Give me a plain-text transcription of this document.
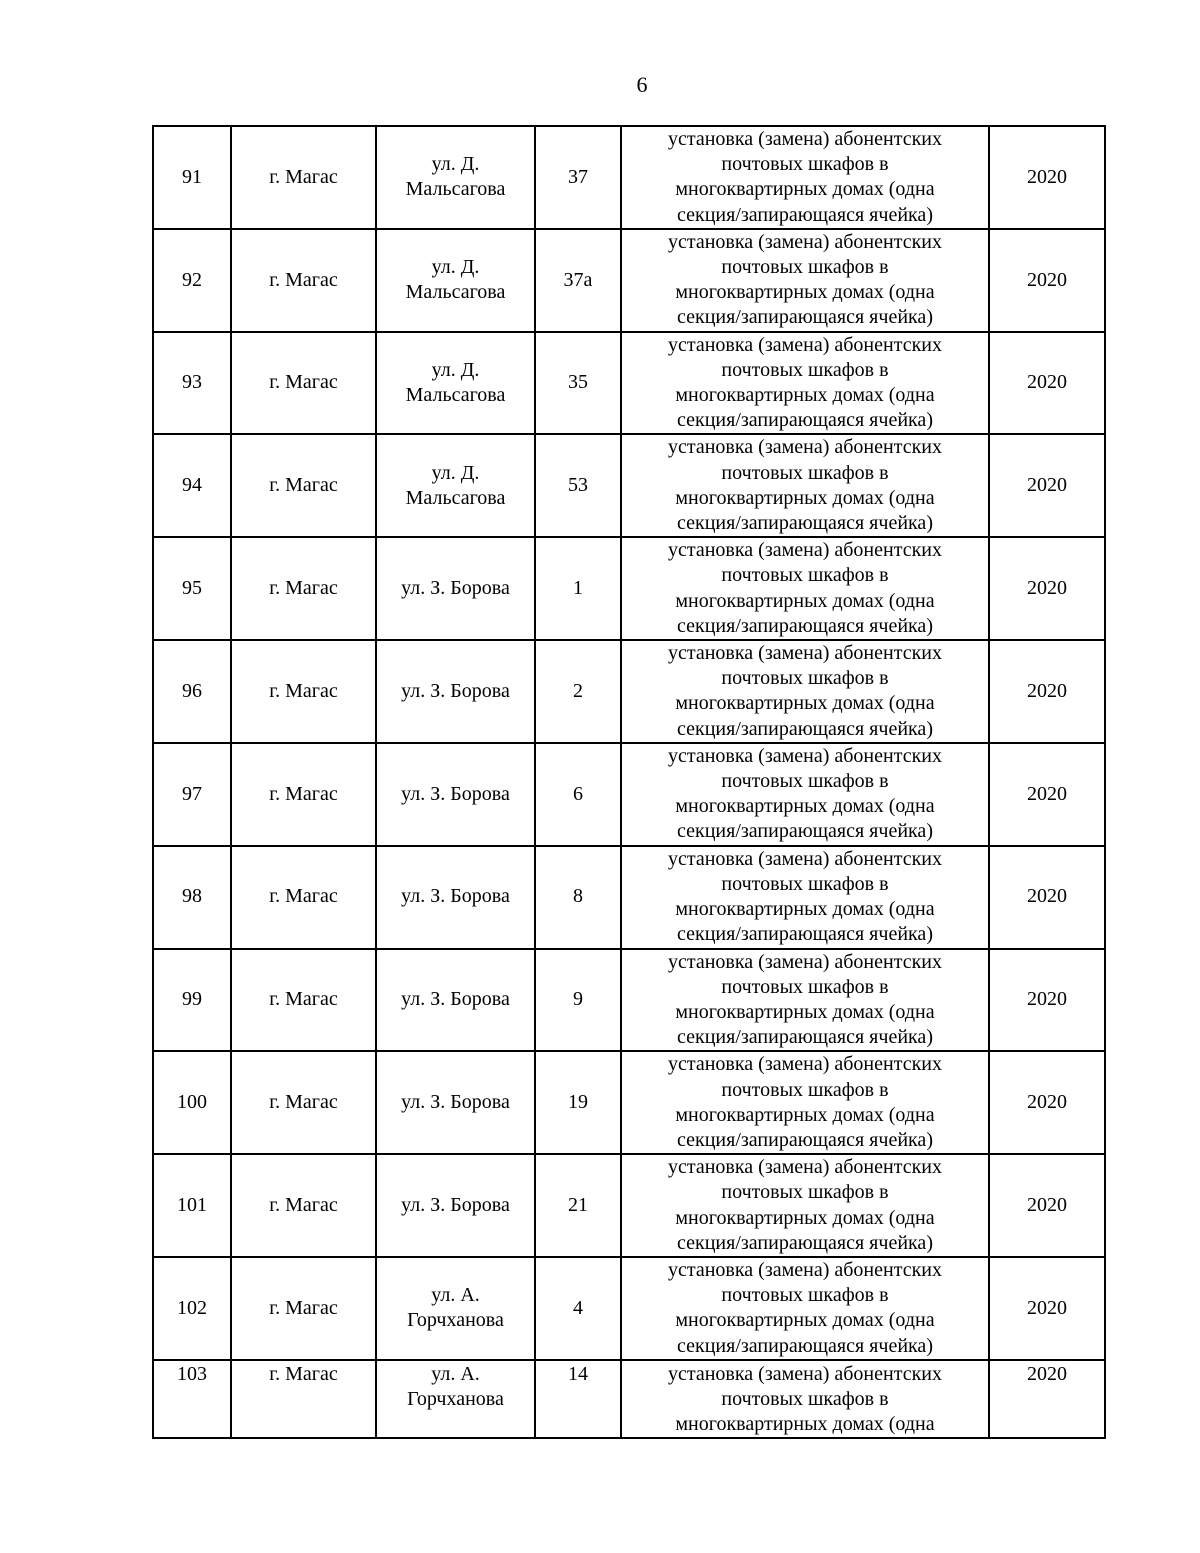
6
91	г. Магас	ул. Д.
Мальсагова	37	установка (замена) абонентских
почтовых шкафов в
многоквартирных домах (одна
секция/запирающаяся ячейка)	2020
92	г. Магас	ул. Д.
Мальсагова	37а	установка (замена) абонентских
почтовых шкафов в
многоквартирных домах (одна
секция/запирающаяся ячейка)	2020
93	г. Магас	ул. Д.
Мальсагова	35	установка (замена) абонентских
почтовых шкафов в
многоквартирных домах (одна
секция/запирающаяся ячейка)	2020
94	г. Магас	ул. Д.
Мальсагова	53	установка (замена) абонентских
почтовых шкафов в
многоквартирных домах (одна
секция/запирающаяся ячейка)	2020
95	г. Магас	ул. З. Борова	1	установка (замена) абонентских
почтовых шкафов в
многоквартирных домах (одна
секция/запирающаяся ячейка)	2020
96	г. Магас	ул. З. Борова	2	установка (замена) абонентских
почтовых шкафов в
многоквартирных домах (одна
секция/запирающаяся ячейка)	2020
97	г. Магас	ул. З. Борова	6	установка (замена) абонентских
почтовых шкафов в
многоквартирных домах (одна
секция/запирающаяся ячейка)	2020
98	г. Магас	ул. З. Борова	8	установка (замена) абонентских
почтовых шкафов в
многоквартирных домах (одна
секция/запирающаяся ячейка)	2020
99	г. Магас	ул. З. Борова	9	установка (замена) абонентских
почтовых шкафов в
многоквартирных домах (одна
секция/запирающаяся ячейка)	2020
100	г. Магас	ул. З. Борова	19	установка (замена) абонентских
почтовых шкафов в
многоквартирных домах (одна
секция/запирающаяся ячейка)	2020
101	г. Магас	ул. З. Борова	21	установка (замена) абонентских
почтовых шкафов в
многоквартирных домах (одна
секция/запирающаяся ячейка)	2020
102	г. Магас	ул. А.
Горчханова	4	установка (замена) абонентских
почтовых шкафов в
многоквартирных домах (одна
секция/запирающаяся ячейка)	2020
103	г. Магас	ул. А.
Горчханова	14	установка (замена) абонентских
почтовых шкафов в
многоквартирных домах (одна	2020
